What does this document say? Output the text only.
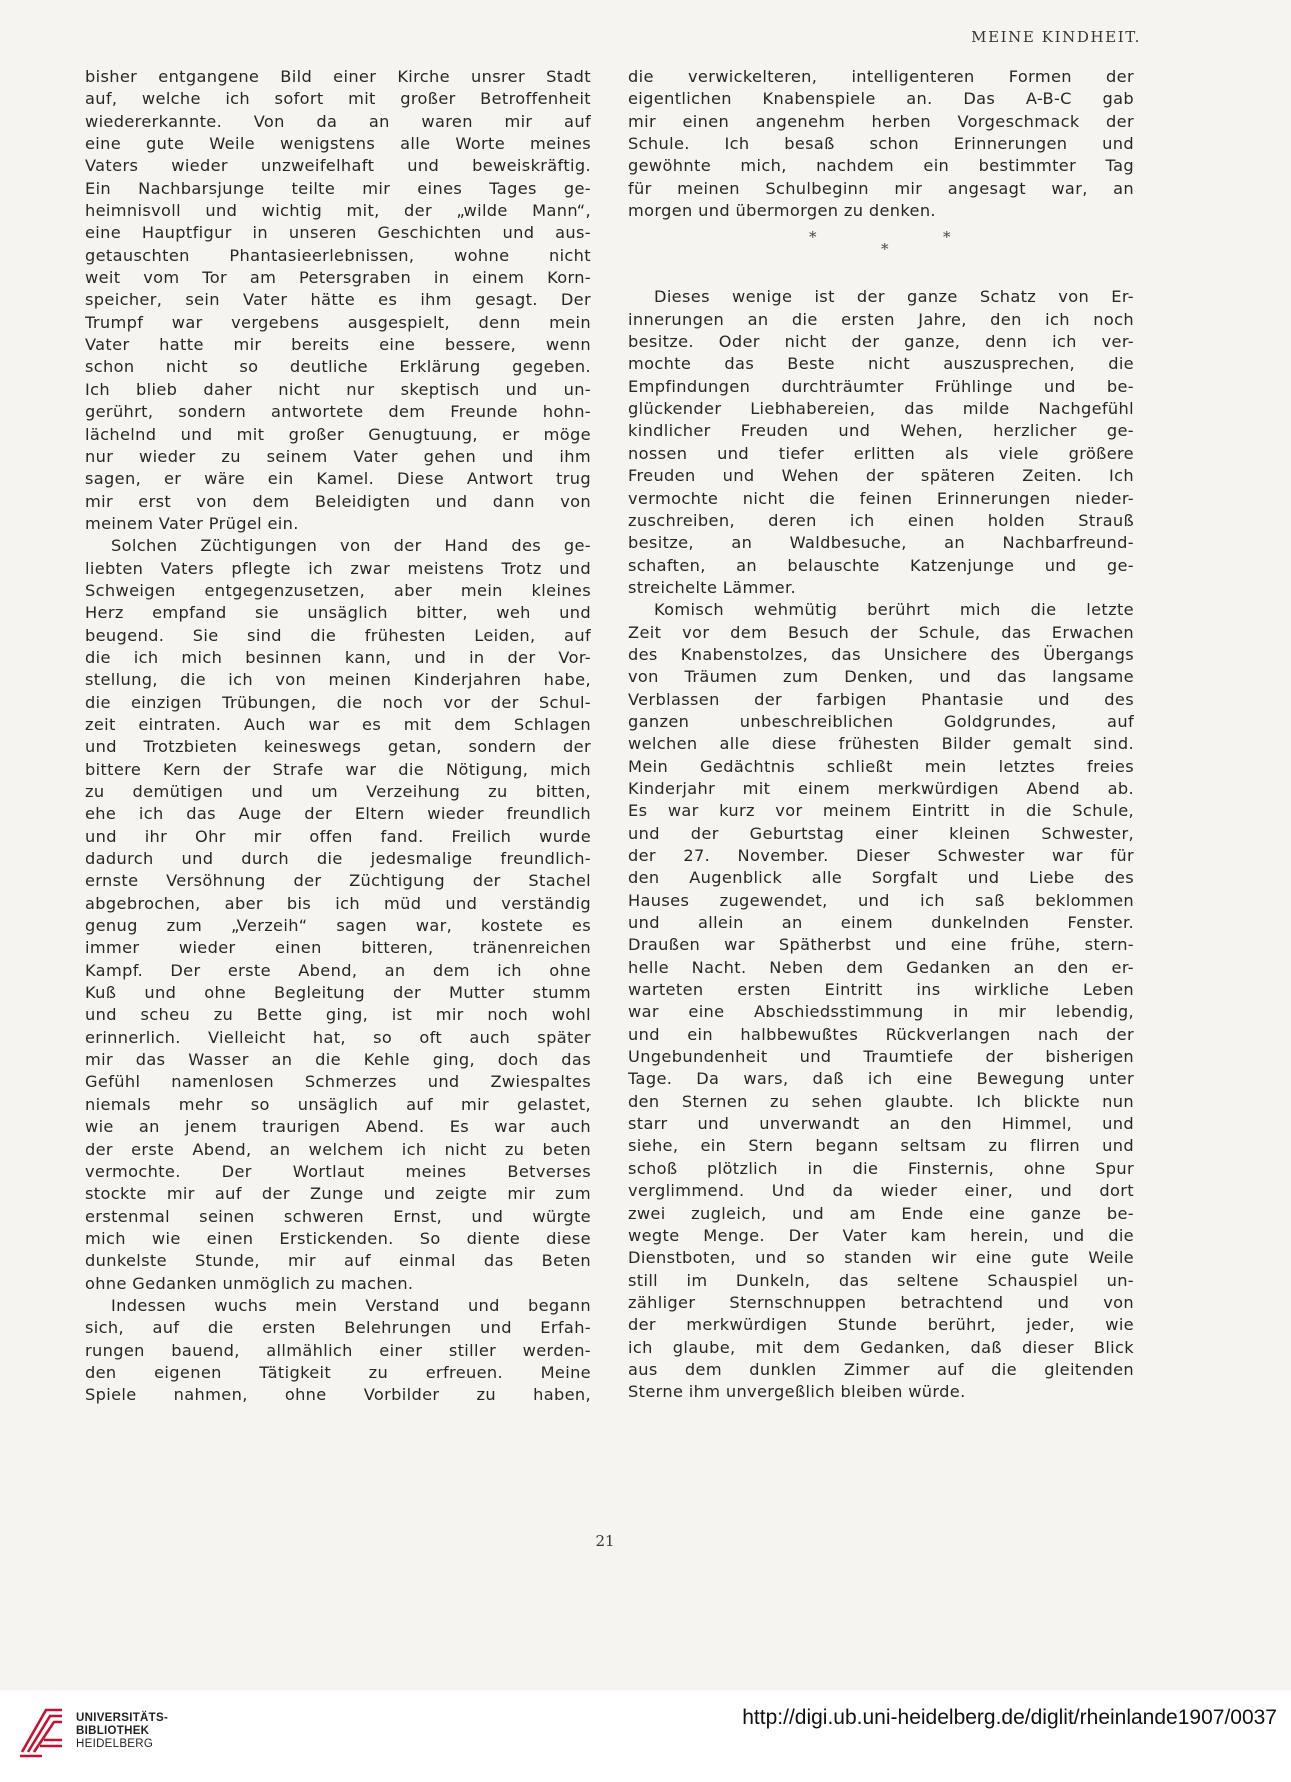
MEINE KINDHEIT.
bisher entgangene Bild einer Kirche unsrer Stadt
auf, welche ich sofort mit großer Betroffenheit
wiedererkannte. Von da an waren mir auf
eine gute Weile wenigstens alle Worte meines
Vaters wieder unzweifelhaft und beweiskräftig.
Ein Nachbarsjunge teilte mir eines Tages ge-
heimnisvoll und wichtig mit, der „wilde Mann“,
eine Hauptfigur in unseren Geschichten und aus-
getauschten Phantasieerlebnissen, wohne nicht
weit vom Tor am Petersgraben in einem Korn-
speicher, sein Vater hätte es ihm gesagt. Der
Trumpf war vergebens ausgespielt, denn mein
Vater hatte mir bereits eine bessere, wenn
schon nicht so deutliche Erklärung gegeben.
Ich blieb daher nicht nur skeptisch und un-
gerührt, sondern antwortete dem Freunde hohn-
lächelnd und mit großer Genugtuung, er möge
nur wieder zu seinem Vater gehen und ihm
sagen, er wäre ein Kamel. Diese Antwort trug
mir erst von dem Beleidigten und dann von
meinem Vater Prügel ein.
Solchen Züchtigungen von der Hand des ge-
liebten Vaters pflegte ich zwar meistens Trotz und
Schweigen entgegenzusetzen, aber mein kleines
Herz empfand sie unsäglich bitter, weh und
beugend. Sie sind die frühesten Leiden, auf
die ich mich besinnen kann, und in der Vor-
stellung, die ich von meinen Kinderjahren habe,
die einzigen Trübungen, die noch vor der Schul-
zeit eintraten. Auch war es mit dem Schlagen
und Trotzbieten keineswegs getan, sondern der
bittere Kern der Strafe war die Nötigung, mich
zu demütigen und um Verzeihung zu bitten,
ehe ich das Auge der Eltern wieder freundlich
und ihr Ohr mir offen fand. Freilich wurde
dadurch und durch die jedesmalige freundlich-
ernste Versöhnung der Züchtigung der Stachel
abgebrochen, aber bis ich müd und verständig
genug zum „Verzeih“ sagen war, kostete es
immer wieder einen bitteren, tränenreichen
Kampf. Der erste Abend, an dem ich ohne
Kuß und ohne Begleitung der Mutter stumm
und scheu zu Bette ging, ist mir noch wohl
erinnerlich. Vielleicht hat, so oft auch später
mir das Wasser an die Kehle ging, doch das
Gefühl namenlosen Schmerzes und Zwiespaltes
niemals mehr so unsäglich auf mir gelastet,
wie an jenem traurigen Abend. Es war auch
der erste Abend, an welchem ich nicht zu beten
vermochte. Der Wortlaut meines Betverses
stockte mir auf der Zunge und zeigte mir zum
erstenmal seinen schweren Ernst, und würgte
mich wie einen Erstickenden. So diente diese
dunkelste Stunde, mir auf einmal das Beten
ohne Gedanken unmöglich zu machen.
Indessen wuchs mein Verstand und begann
sich, auf die ersten Belehrungen und Erfah-
rungen bauend, allmählich einer stiller werden-
den eigenen Tätigkeit zu erfreuen. Meine
Spiele nahmen, ohne Vorbilder zu haben,
die verwickelteren, intelligenteren Formen der
eigentlichen Knabenspiele an. Das A-B-C gab
mir einen angenehm herben Vorgeschmack der
Schule. Ich besaß schon Erinnerungen und
gewöhnte mich, nachdem ein bestimmter Tag
für meinen Schulbeginn mir angesagt war, an
morgen und übermorgen zu denken.
*
*
*
Dieses wenige ist der ganze Schatz von Er-
innerungen an die ersten Jahre, den ich noch
besitze. Oder nicht der ganze, denn ich ver-
mochte das Beste nicht auszusprechen, die
Empfindungen durchträumter Frühlinge und be-
glückender Liebhabereien, das milde Nachgefühl
kindlicher Freuden und Wehen, herzlicher ge-
nossen und tiefer erlitten als viele größere
Freuden und Wehen der späteren Zeiten. Ich
vermochte nicht die feinen Erinnerungen nieder-
zuschreiben, deren ich einen holden Strauß
besitze, an Waldbesuche, an Nachbarfreund-
schaften, an belauschte Katzenjunge und ge-
streichelte Lämmer.
Komisch wehmütig berührt mich die letzte
Zeit vor dem Besuch der Schule, das Erwachen
des Knabenstolzes, das Unsichere des Übergangs
von Träumen zum Denken, und das langsame
Verblassen der farbigen Phantasie und des
ganzen unbeschreiblichen Goldgrundes, auf
welchen alle diese frühesten Bilder gemalt sind.
Mein Gedächtnis schließt mein letztes freies
Kinderjahr mit einem merkwürdigen Abend ab.
Es war kurz vor meinem Eintritt in die Schule,
und der Geburtstag einer kleinen Schwester,
der 27. November. Dieser Schwester war für
den Augenblick alle Sorgfalt und Liebe des
Hauses zugewendet, und ich saß beklommen
und allein an einem dunkelnden Fenster.
Draußen war Spätherbst und eine frühe, stern-
helle Nacht. Neben dem Gedanken an den er-
warteten ersten Eintritt ins wirkliche Leben
war eine Abschiedsstimmung in mir lebendig,
und ein halbbewußtes Rückverlangen nach der
Ungebundenheit und Traumtiefe der bisherigen
Tage. Da wars, daß ich eine Bewegung unter
den Sternen zu sehen glaubte. Ich blickte nun
starr und unverwandt an den Himmel, und
siehe, ein Stern begann seltsam zu flirren und
schoß plötzlich in die Finsternis, ohne Spur
verglimmend. Und da wieder einer, und dort
zwei zugleich, und am Ende eine ganze be-
wegte Menge. Der Vater kam herein, und die
Dienstboten, und so standen wir eine gute Weile
still im Dunkeln, das seltene Schauspiel un-
zähliger Sternschnuppen betrachtend und von
der merkwürdigen Stunde berührt, jeder, wie
ich glaube, mit dem Gedanken, daß dieser Blick
aus dem dunklen Zimmer auf die gleitenden
Sterne ihm unvergeßlich bleiben würde.
21
UNIVERSITÄTS-
BIBLIOTHEK
HEIDELBERG
http://digi.ub.uni-heidelberg.de/diglit/rheinlande1907/0037
